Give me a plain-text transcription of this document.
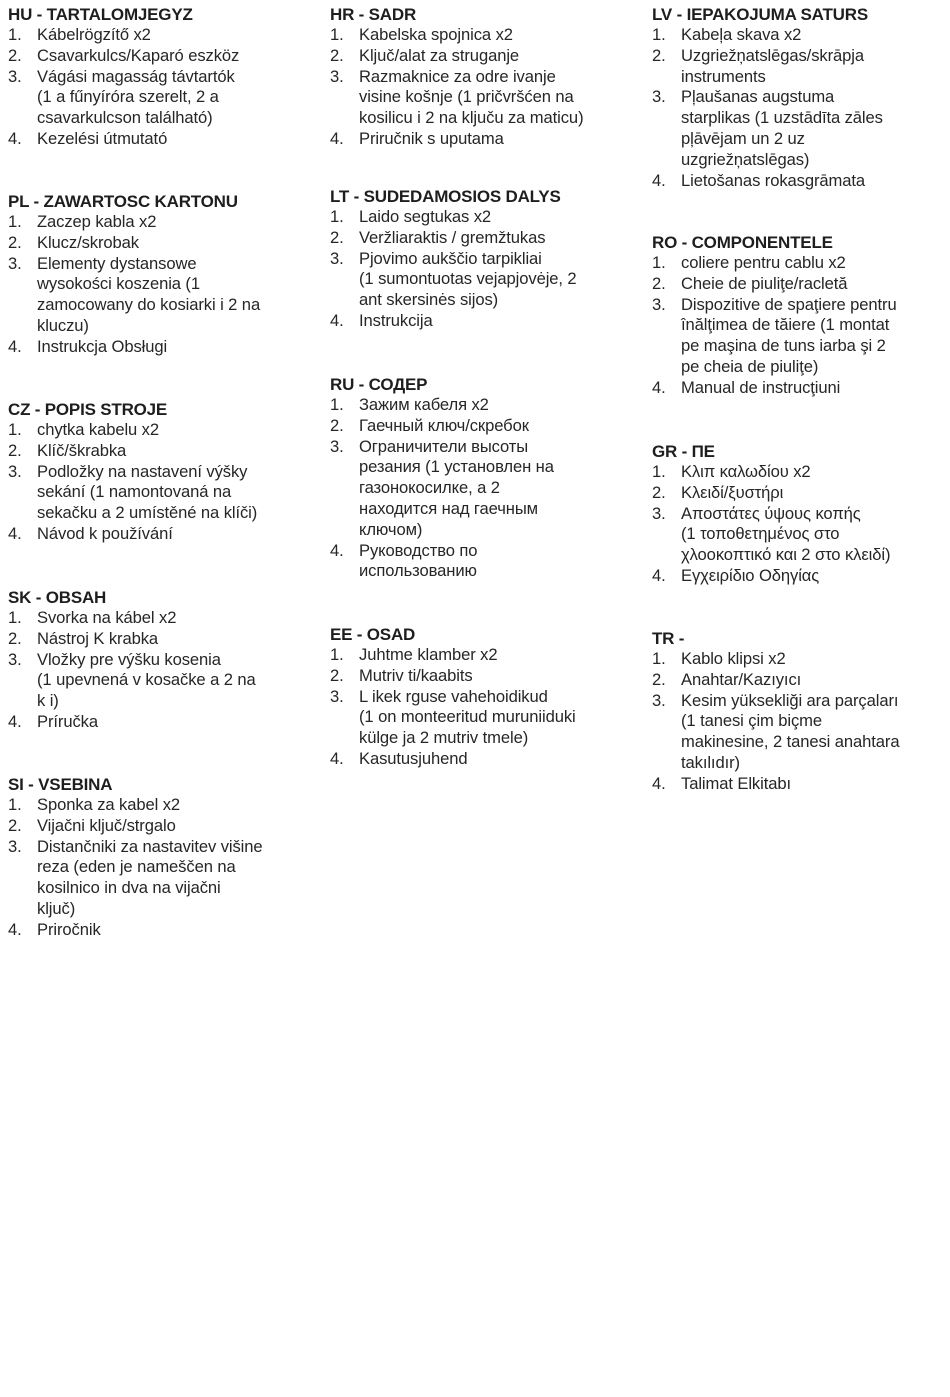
HU - TARTALOMJEGYZ
1. Kábelrögzítő x2
2. Csavarkulcs/Kaparó eszköz
3. Vágási magasság távtartók
(1 a fűnyíróra szerelt, 2 a
csavarkulcson található)
4. Kezelési útmutató
PL - ZAWARTOSC KARTONU
1. Zaczep kabla x2
2. Klucz/skrobak
3. Elementy dystansowe
wysokości koszenia (1
zamocowany do kosiarki i 2 na
kluczu)
4. Instrukcja Obsługi
CZ - POPIS STROJE
1. chytka kabelu x2
2. Klíč/škrabka
3. Podložky na nastavení výšky
sekání (1 namontovaná na
sekačku a 2 umístěné na klíči)
4. Návod k používání
SK - OBSAH
1. Svorka na kábel x2
2. Nástroj K krabka
3. Vložky pre výšku kosenia
(1 upevnená v kosačke a 2 na
k i)
4. Príručka
SI - VSEBINA
1. Sponka za kabel x2
2. Vijačni ključ/strgalo
3. Distančniki za nastavitev višine
reza (eden je nameščen na
kosilnico in dva na vijačni
ključ)
4. Priročnik
HR - SADR
1. Kabelska spojnica x2
2. Ključ/alat za struganje
3. Razmaknice za odre ivanje
visine košnje (1 pričvršćen na
kosilicu i 2 na ključu za maticu)
4. Priručnik s uputama
LT - SUDEDAMOSIOS DALYS
1. Laido segtukas x2
2. Veržliaraktis / gremžtukas
3. Pjovimo aukščio tarpikliai
(1 sumontuotas vejapjovėje, 2
ant skersinės sijos)
4. Instrukcija
RU - СОДЕР
1. Зажим кабеля x2
2. Гаечный ключ/скребок
3. Ограничители высоты
резания (1 установлен на
газонокосилке, а 2
находится над гаечным
ключом)
4. Руководство по
использованию
EE - OSAD
1. Juhtme klamber x2
2. Mutriv ti/kaabits
3. L ikek rguse vahehoidikud
(1 on monteeritud muruniiduki
külge ja 2 mutriv tmele)
4. Kasutusjuhend
LV - IEPAKOJUMA SATURS
1. Kabeļa skava x2
2. Uzgriežņatslēgas/skrāpja
instruments
3. Pļaušanas augstuma
starplikas (1 uzstādīta zāles
pļāvējam un 2 uz
uzgriežņatslēgas)
4. Lietošanas rokasgrāmata
RO - COMPONENTELE
1. coliere pentru cablu x2
2. Cheie de piuliţe/racletă
3. Dispozitive de spaţiere pentru
înălţimea de tăiere (1 montat
pe maşina de tuns iarba şi 2
pe cheia de piuliţe)
4. Manual de instrucţiuni
GR - ΠΕ
1. Κλιπ καλωδίου x2
2. Κλειδί/ξυστήρι
3. Αποστάτες ύψους κοπής
(1 τοποθετημένος στο
χλοοκοπτικό και 2 στο κλειδί)
4. Εγχειρίδιο Οδηγίας
TR -
1. Kablo klipsi x2
2. Anahtar/Kazıyıcı
3. Kesim yüksekliği ara parçaları
(1 tanesi çim biçme
makinesine, 2 tanesi anahtara
takılıdır)
4. Talimat Elkitabı
